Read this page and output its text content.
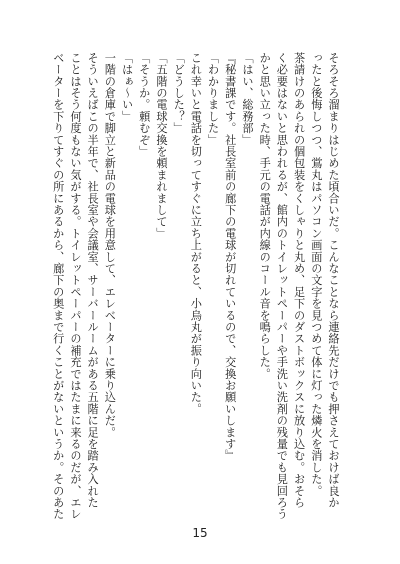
そろそろ溜まりはじめた頃合いだ。こんなことなら連絡先だけでも押さえておけば良か

ったと後悔しつつ、鴬丸はパソコン画面の文字を見つめて体に灯った燐火を消した。

茶請けのあられの個包装をくしゃりと丸め、足下のダストボックスに放り込む。おそら

く必要はないと思われるが、館内のトイレットペーパーや手洗い洗剤の残量でも見回ろう

かと思い立った時、手元の電話が内線のコール音を鳴らした。

「はい、総務部」

『秘書課です。社長室前の廊下の電球が切れているので、交換お願いします』

「わかりました」

これ幸いと電話を切ってすぐに立ち上がると、小烏丸が振り向いた。

「どうした？」

「五階の電球交換を頼まれまして」

「そうか。頼むぞ」

「はぁ～い」

一階の倉庫で脚立と新品の電球を用意して、エレベーターに乗り込んだ。

そういえばこの半年で、社長室や会議室、サーバールームがある五階に足を踏み入れた

ことはそう何度もない気がする。トイレットペーパーの補充ではたまに来るのだが、エレ

ベーターを下りてすぐの所にあるから、廊下の奥まで行くことがないというか。そのあた

15
